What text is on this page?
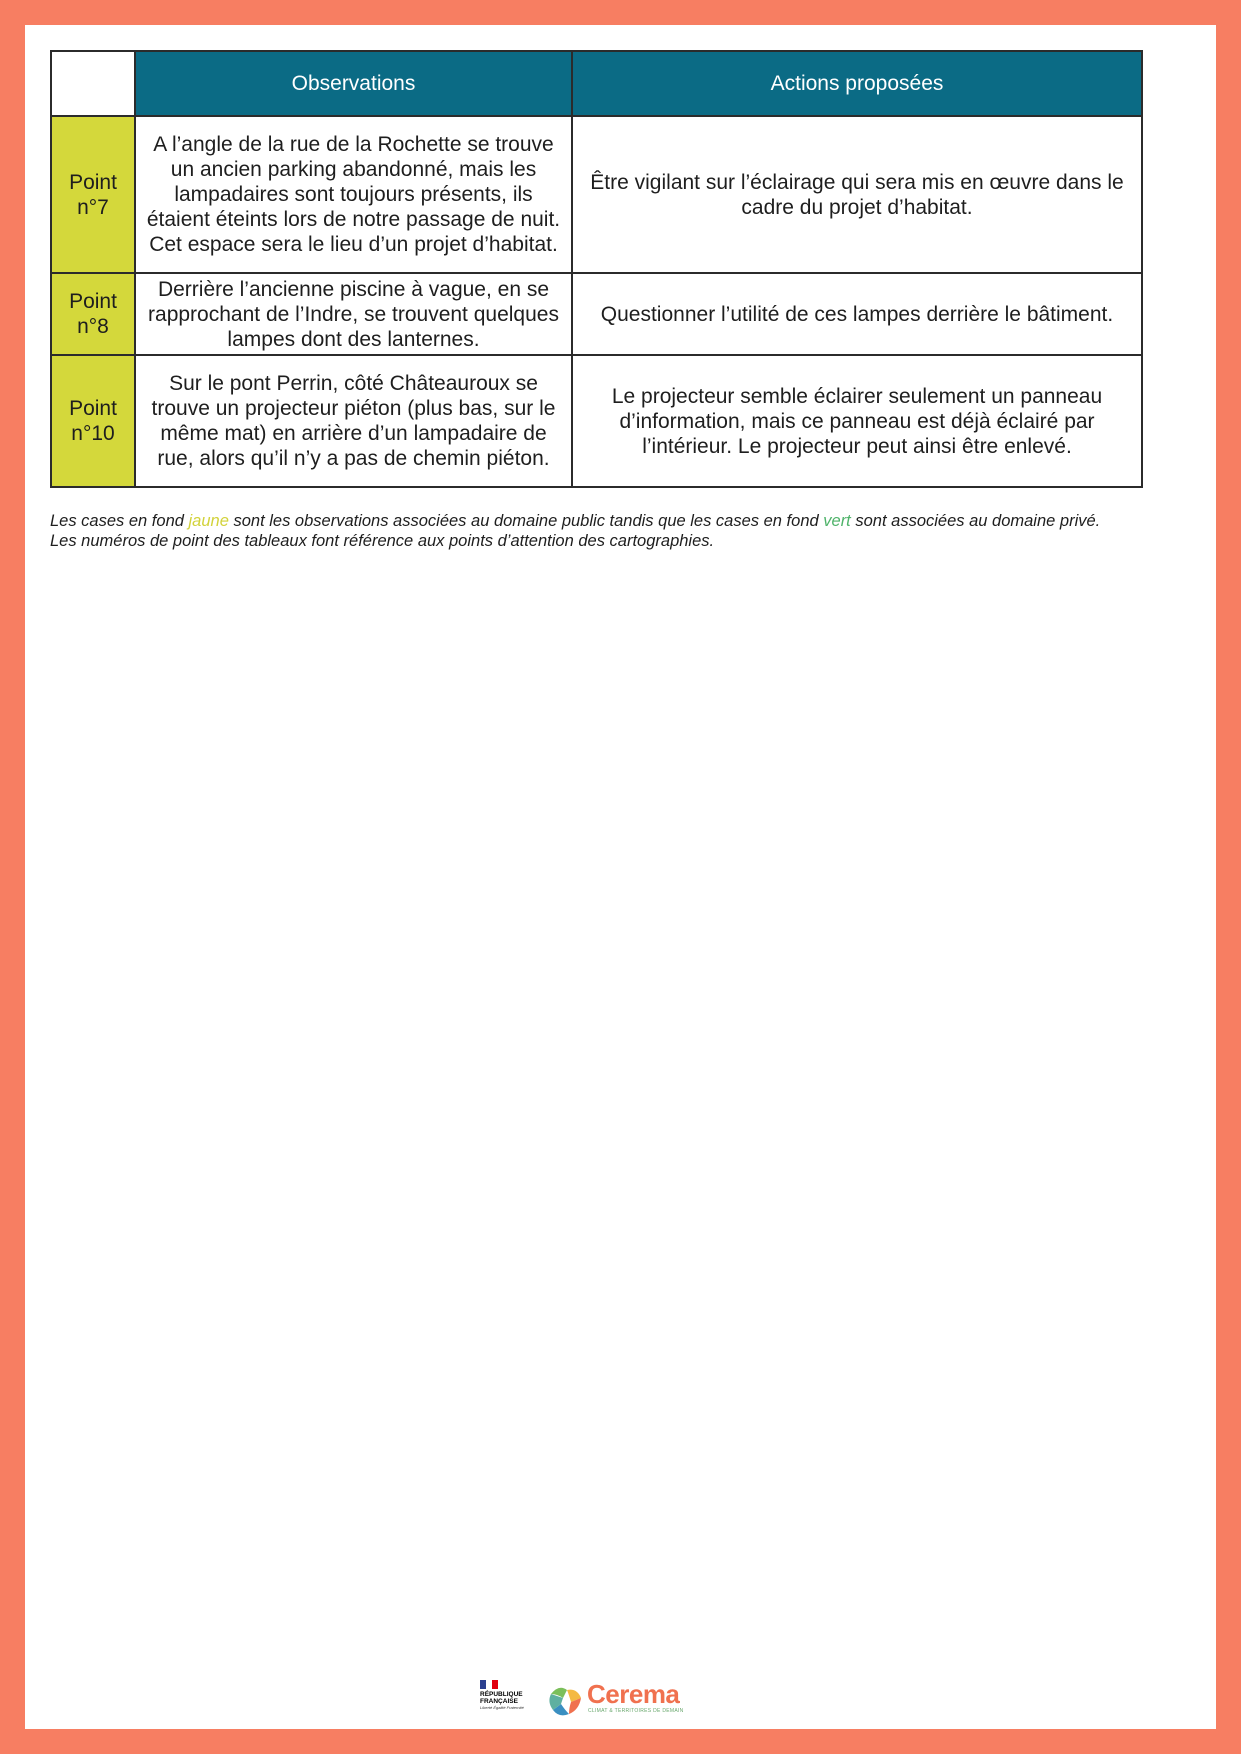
	Observations	Actions proposées
Point n°7	A l’angle de la rue de la Rochette se trouve un ancien parking abandonné, mais les lampadaires sont toujours présents, ils étaient éteints lors de notre passage de nuit. Cet espace sera le lieu d’un projet d’habitat.	Être vigilant sur l’éclairage qui sera mis en œuvre dans le cadre du projet d’habitat.
Point n°8	Derrière l’ancienne piscine à vague, en se rapprochant de l’Indre, se trouvent quelques lampes dont des lanternes.	Questionner l’utilité de ces lampes derrière le bâtiment.
Point n°10	Sur le pont Perrin, côté Châteauroux se trouve un projecteur piéton (plus bas, sur le même mat) en arrière d’un lampadaire de rue, alors qu’il n’y a pas de chemin piéton.	Le projecteur semble éclairer seulement un panneau d’information, mais ce panneau est déjà éclairé par l’intérieur. Le projecteur peut ainsi être enlevé.

Les cases en fond jaune sont les observations associées au domaine public tandis que les cases en fond vert sont associées au domaine privé.
Les numéros de point des tableaux font référence aux points d’attention des cartographies.

RÉPUBLIQUE FRANÇAISE
Liberté Égalité Fraternité Cerema
CLIMAT & TERRITOIRES DE DEMAIN
